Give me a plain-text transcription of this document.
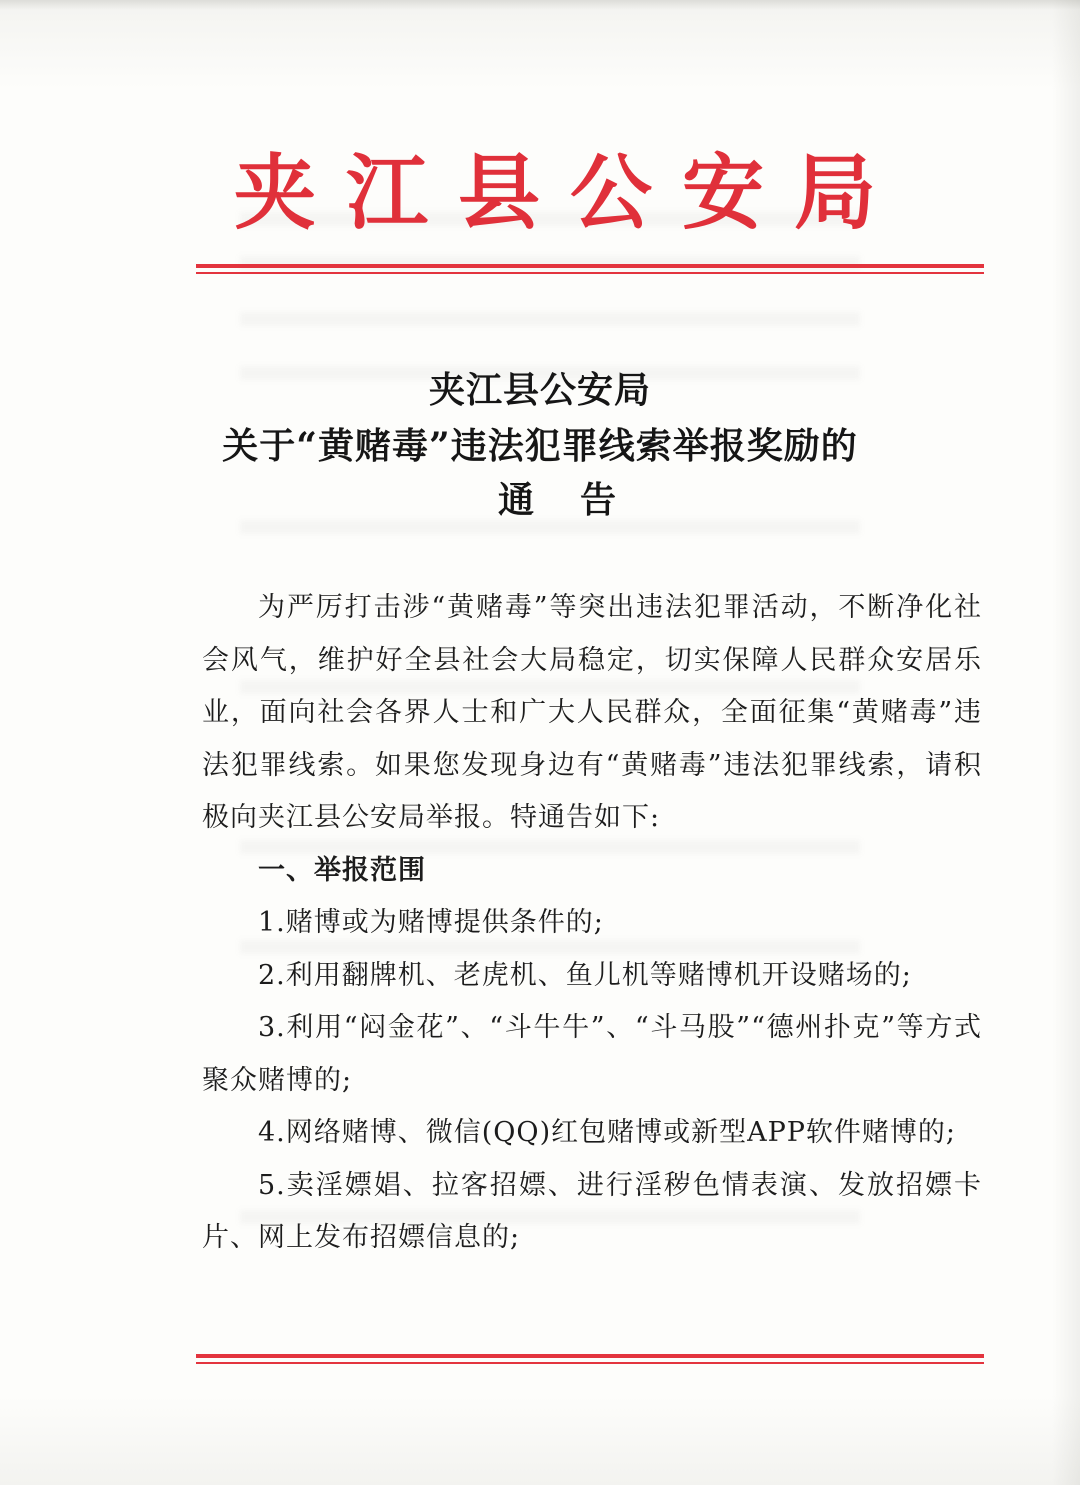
夹江县公安局
夹江县公安局
关于“黄赌毒”违法犯罪线索举报奖励的
通告

为严厉打击涉“黄赌毒”等突出违法犯罪活动，不断净化社会风气，维护好全县社会大局稳定，切实保障人民群众安居乐业，面向社会各界人士和广大人民群众，全面征集“黄赌毒”违法犯罪线索。如果您发现身边有“黄赌毒”违法犯罪线索，请积极向夹江县公安局举报。特通告如下:

一、举报范围

1.赌博或为赌博提供条件的;

2.利用翻牌机、老虎机、鱼儿机等赌博机开设赌场的;

3.利用“闷金花”、“斗牛牛”、“斗马股”“德州扑克”等方式聚众赌博的;

4.网络赌博、微信(QQ)红包赌博或新型APP软件赌博的;

5.卖淫嫖娼、拉客招嫖、进行淫秽色情表演、发放招嫖卡片、网上发布招嫖信息的;
